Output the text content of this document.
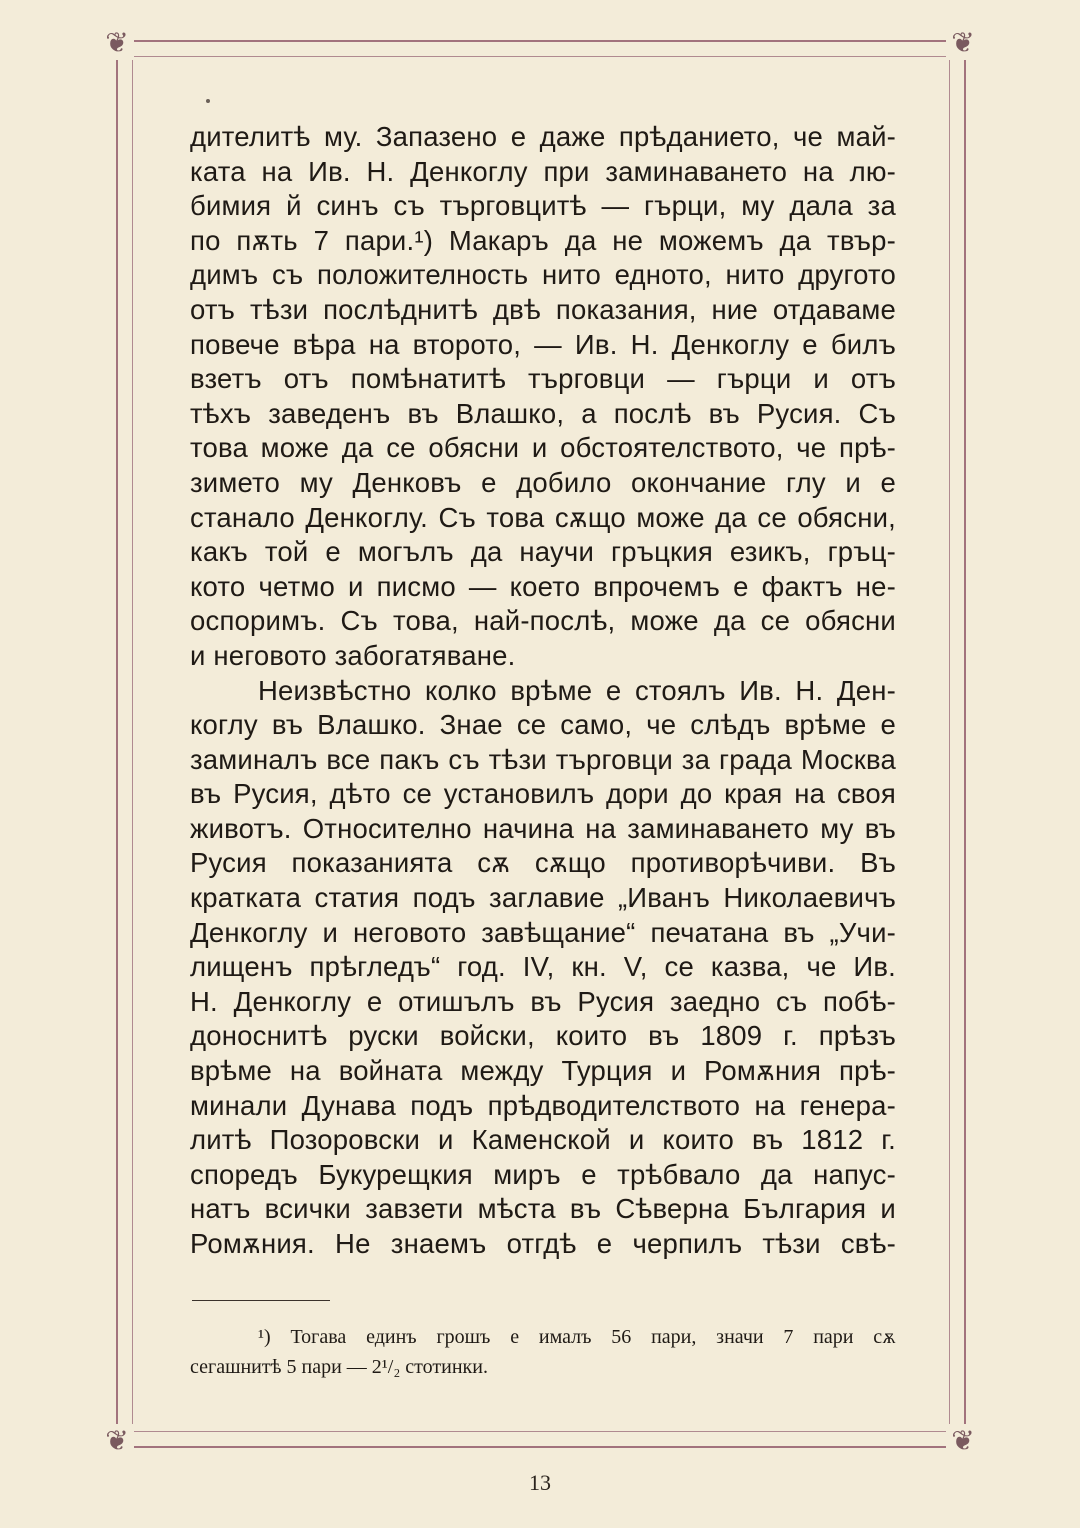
❦	❦
❦	❦
дителитѣ му. Запазено е даже прѣданието, че май-
ката на Ив. Н. Денкоглу при заминаването на лю-
бимия й синъ съ търговцитѣ — гърци, му дала за
по пѫть 7 пари.¹) Макаръ да не можемъ да твър-
димъ съ положителность нито едното, нито другото
отъ тѣзи послѣднитѣ двѣ показания, ние отдаваме
повече вѣра на второто, — Ив. Н. Денкоглу е билъ
взетъ отъ помѣнатитѣ търговци — гърци и отъ
тѣхъ заведенъ въ Влашко, а послѣ въ Русия. Съ
това може да се обясни и обстоятелството, че прѣ-
зимето му Денковъ е добило окончание глу и е
станало Денкоглу. Съ това сѫщо може да се обясни,
какъ той е могълъ да научи гръцкия езикъ, гръц-
кото четмо и писмо — което впрочемъ е фактъ не-
оспоримъ. Съ това, най-послѣ, може да се обясни
и неговото забогатяване.
Неизвѣстно колко врѣме е стоялъ Ив. Н. Ден-
коглу въ Влашко. Знае се само, че слѣдъ врѣме е
заминалъ все пакъ съ тѣзи търговци за града Москва
въ Русия, дѣто се установилъ дори до края на своя
животъ. Относително начина на заминаването му въ
Русия показанията сѫ сѫщо противорѣчиви. Въ
кратката статия подъ заглавие „Иванъ Николаевичъ
Денкоглу и неговото завѣщание“ печатана въ „Учи-
лищенъ прѣгледъ“ год. IV, кн. V, се казва, че Ив.
Н. Денкоглу е отишълъ въ Русия заедно съ побѣ-
доноснитѣ руски войски, които въ 1809 г. прѣзъ
врѣме на войната между Турция и Ромѫния прѣ-
минали Дунава подъ прѣдводителството на генера-
литѣ Позоровски и Каменской и които въ 1812 г.
споредъ Букурещкия миръ е трѣбвало да напус-
натъ всички завзети мѣста въ Сѣверна България и
Ромѫния. Не знаемъ отгдѣ е черпилъ тѣзи свѣ-
¹) Тогава единъ грошъ е ималъ 56 пари, значи 7 пари сѫ
сегашнитѣ 5 пари — 2¹/₂ стотинки.
13
